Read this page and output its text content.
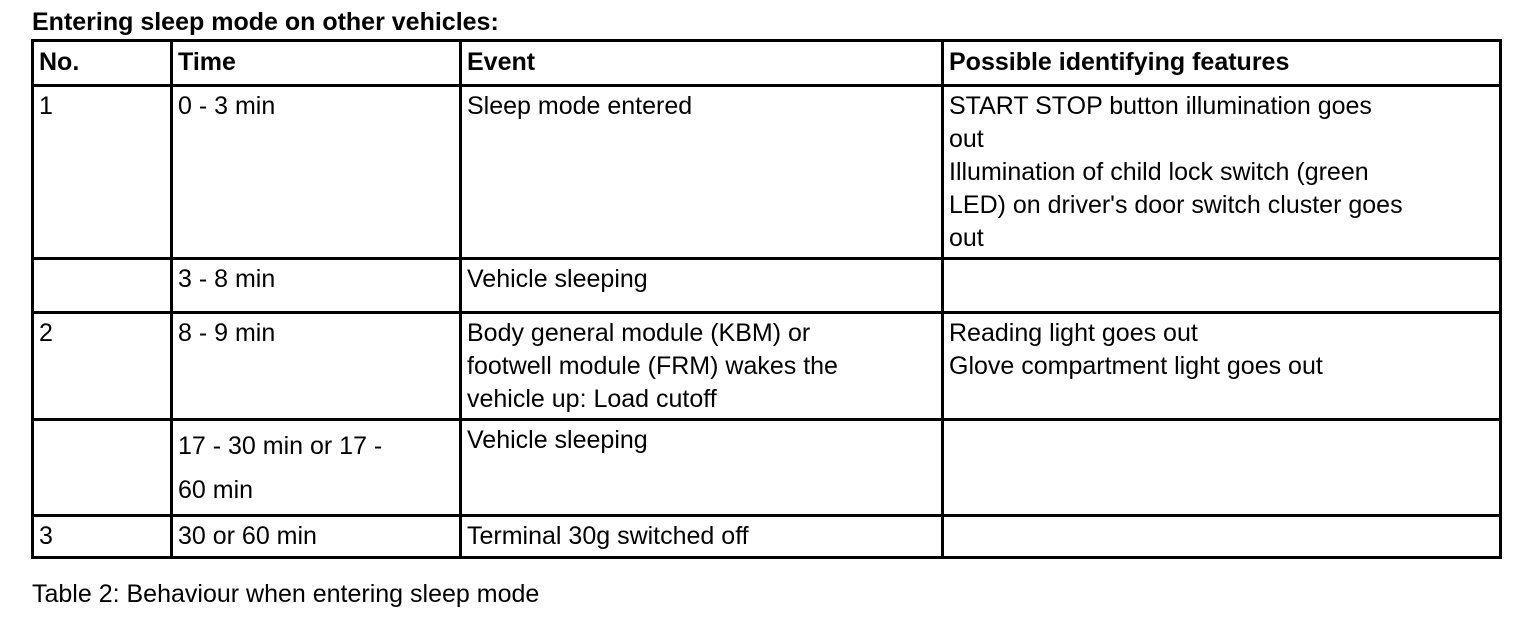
Entering sleep mode on other vehicles:
No.	Time	Event	Possible identifying features

1	0 - 3 min	Sleep mode entered	START STOP button illumination goes
out
Illumination of child lock switch (green
LED) on driver's door switch cluster goes
out

	3 - 8 min	Vehicle sleeping	

2	8 - 9 min	Body general module (KBM) or
footwell module (FRM) wakes the
vehicle up: Load cutoff	Reading light goes out
Glove compartment light goes out

	17 - 30 min or 17 -
60 min	Vehicle sleeping	

3	30 or 60 min	Terminal 30g switched off	

Table 2: Behaviour when entering sleep mode
